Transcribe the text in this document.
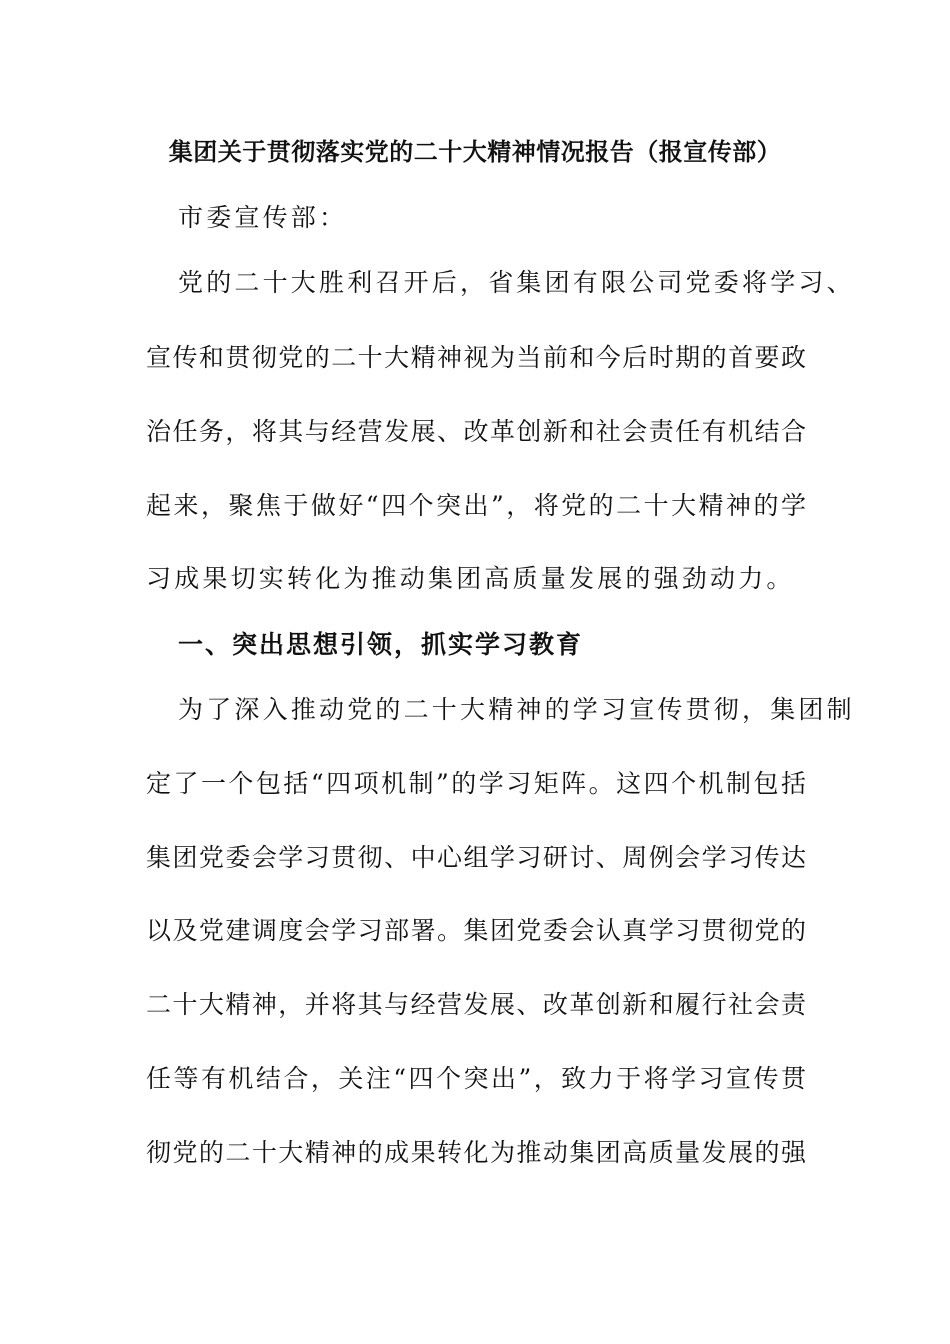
集团关于贯彻落实党的二十大精神情况报告（报宣传部）
市委宣传部：
党的二十大胜利召开后，省集团有限公司党委将学习、
宣传和贯彻党的二十大精神视为当前和今后时期的首要政
治任务，将其与经营发展、改革创新和社会责任有机结合
起来，聚焦于做好“四个突出”，将党的二十大精神的学
习成果切实转化为推动集团高质量发展的强劲动力。
一、突出思想引领，抓实学习教育
为了深入推动党的二十大精神的学习宣传贯彻，集团制
定了一个包括“四项机制”的学习矩阵。这四个机制包括
集团党委会学习贯彻、中心组学习研讨、周例会学习传达
以及党建调度会学习部署。集团党委会认真学习贯彻党的
二十大精神，并将其与经营发展、改革创新和履行社会责
任等有机结合，关注“四个突出”，致力于将学习宣传贯
彻党的二十大精神的成果转化为推动集团高质量发展的强
